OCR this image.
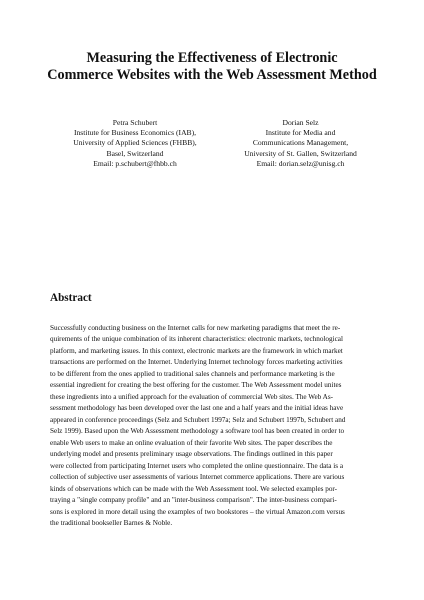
Measuring the Effectiveness of Electronic
Commerce Websites with the Web Assessment Method
Petra Schubert
Institute for Business Economics (IAB),
University of Applied Sciences (FHBB),
Basel, Switzerland
Email: p.schubert@fhbb.ch
Dorian Selz
Institute for Media and
Communications Management,
University of St. Gallen, Switzerland
Email: dorian.selz@unisg.ch
Abstract
Successfully conducting business on the Internet calls for new marketing paradigms that meet the re-
quirements of the unique combination of its inherent characteristics: electronic markets, technological
platform, and marketing issues. In this context, electronic markets are the framework in which market
transactions are performed on the Internet. Underlying Internet technology forces marketing activities
to be different from the ones applied to traditional sales channels and performance marketing is the
essential ingredient for creating the best offering for the customer. The Web Assessment model unites
these ingredients into a unified approach for the evaluation of commercial Web sites. The Web As-
sessment methodology has been developed over the last one and a half years and the initial ideas have
appeared in conference proceedings (Selz and Schubert 1997a; Selz and Schubert 1997b, Schubert and
Selz 1999). Based upon the Web Assessment methodology a software tool has been created in order to
enable Web users to make an online evaluation of their favorite Web sites. The paper describes the
underlying model and presents preliminary usage observations. The findings outlined in this paper
were collected from participating Internet users who completed the online questionnaire. The data is a
collection of subjective user assessments of various Internet commerce applications. There are various
kinds of observations which can be made with the Web Assessment tool. We selected examples por-
traying a "single company profile" and an "inter-business comparison". The inter-business compari-
sons is explored in more detail using the examples of two bookstores – the virtual Amazon.com versus
the traditional bookseller Barnes & Noble.
